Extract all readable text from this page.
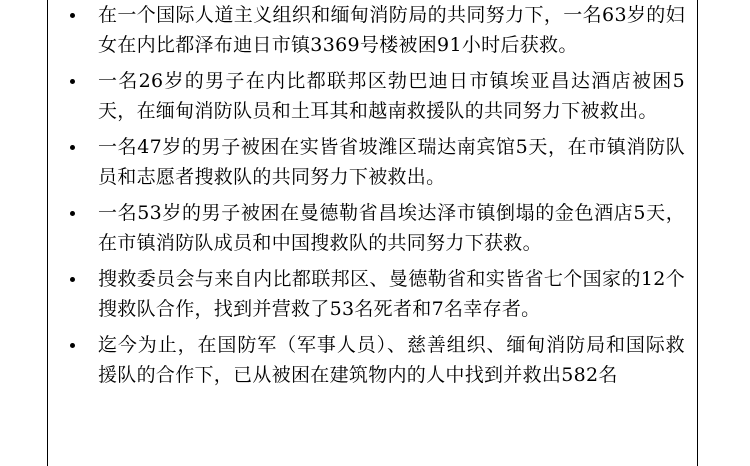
在一个国际人道主义组织和缅甸消防局的共同努力下，一名63岁的妇女在内比都泽布迪日市镇3369号楼被困91小时后获救。
一名26岁的男子在内比都联邦区勃巴迪日市镇埃亚昌达酒店被困5天，在缅甸消防队员和土耳其和越南救援队的共同努力下被救出。
一名47岁的男子被困在实皆省坡潍区瑞达南宾馆5天，在市镇消防队员和志愿者搜救队的共同努力下被救出。
一名53岁的男子被困在曼德勒省昌埃达泽市镇倒塌的金色酒店5天，在市镇消防队成员和中国搜救队的共同努力下获救。
搜救委员会与来自内比都联邦区、曼德勒省和实皆省七个国家的12个搜救队合作，找到并营救了53名死者和7名幸存者。
迄今为止，在国防军（军事人员）、慈善组织、缅甸消防局和国际救援队的合作下，已从被困在建筑物内的人中找到并救出582名
